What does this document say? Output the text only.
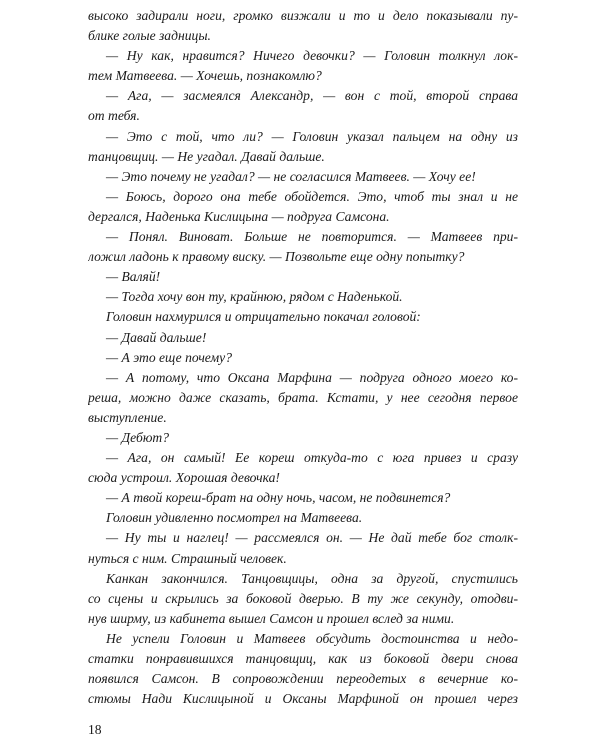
высоко задирали ноги, громко визжали и то и дело показывали пу-
блике голые задницы.
— Ну как, нравится? Ничего девочки? — Головин толкнул лок-
тем Матвеева. — Хочешь, познакомлю?
— Ага, — засмеялся Александр, — вон с той, второй справа
от тебя.
— Это с той, что ли? — Головин указал пальцем на одну из
танцовщиц. — Не угадал. Давай дальше.
— Это почему не угадал? — не согласился Матвеев. — Хочу ее!
— Боюсь, дорого она тебе обойдется. Это, чтоб ты знал и не
дергался, Наденька Кислицына — подруга Самсона.
— Понял. Виноват. Больше не повторится. — Матвеев при-
ложил ладонь к правому виску. — Позвольте еще одну попытку?
— Валяй!
— Тогда хочу вон ту, крайнюю, рядом с Наденькой.
Головин нахмурился и отрицательно покачал головой:
— Давай дальше!
— А это еще почему?
— А потому, что Оксана Марфина — подруга одного моего ко-
реша, можно даже сказать, брата. Кстати, у нее сегодня первое
выступление.
— Дебют?
— Ага, он самый! Ее кореш откуда-то с юга привез и сразу
сюда устроил. Хорошая девочка!
— А твой кореш-брат на одну ночь, часом, не подвинется?
Головин удивленно посмотрел на Матвеева.
— Ну ты и наглец! — рассмеялся он. — Не дай тебе бог столк-
нуться с ним. Страшный человек.
Канкан закончился. Танцовщицы, одна за другой, спустились
со сцены и скрылись за боковой дверью. В ту же секунду, отодви-
нув ширму, из кабинета вышел Самсон и прошел вслед за ними.
Не успели Головин и Матвеев обсудить достоинства и недо-
статки понравившихся танцовщиц, как из боковой двери снова
появился Самсон. В сопровождении переодетых в вечерние ко-
стюмы Нади Кислицыной и Оксаны Марфиной он прошел через
18
